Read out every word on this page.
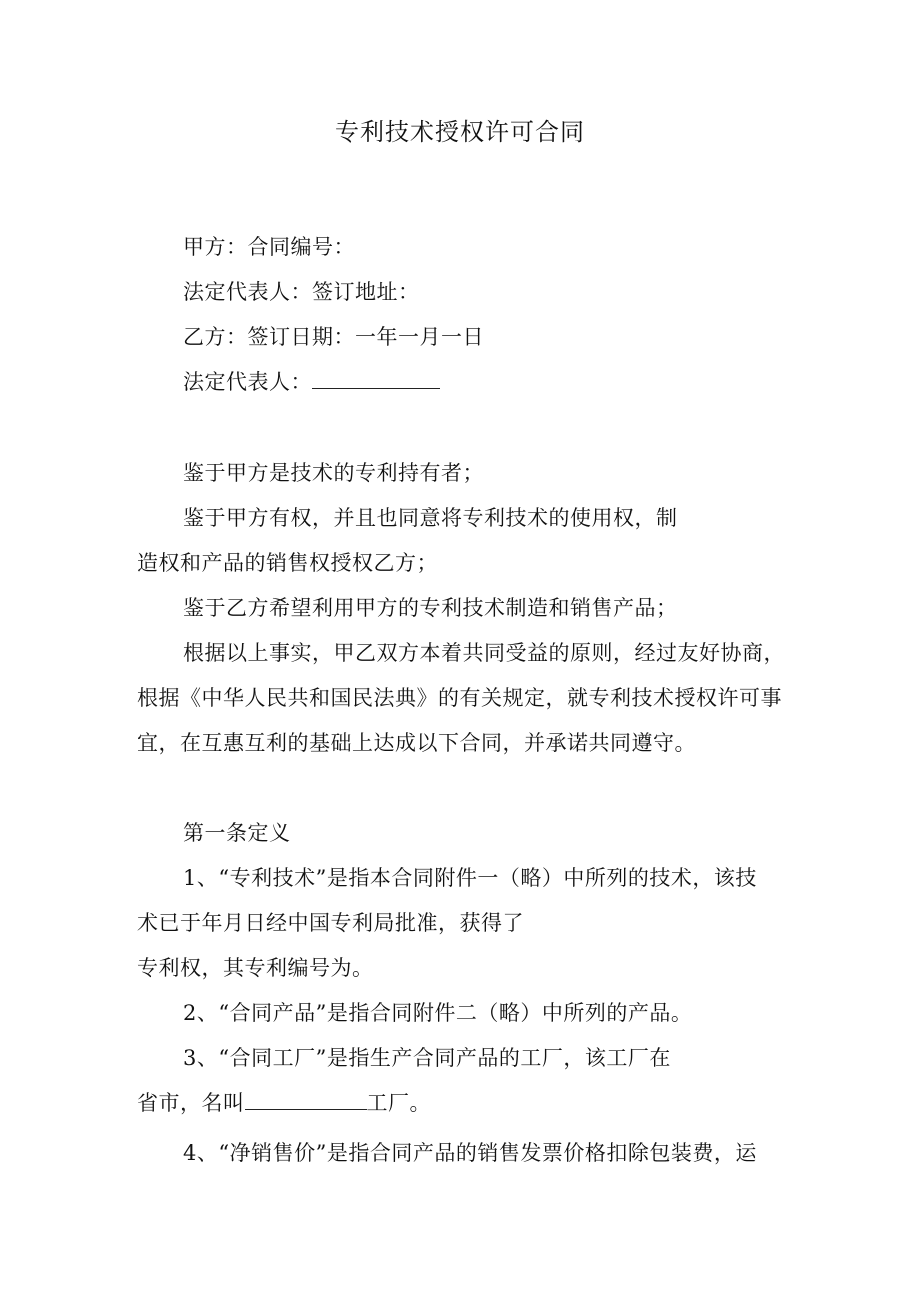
专利技术授权许可合同
甲方：合同编号：
法定代表人：签订地址：
乙方：签订日期：一年一月一日
法定代表人：
鉴于甲方是技术的专利持有者；
鉴于甲方有权，并且也同意将专利技术的使用权，制
造权和产品的销售权授权乙方；
鉴于乙方希望利用甲方的专利技术制造和销售产品；
根据以上事实，甲乙双方本着共同受益的原则，经过友好协商，
根据《中华人民共和国民法典》的有关规定，就专利技术授权许可事
宜，在互惠互利的基础上达成以下合同，并承诺共同遵守。
第一条定义
1、“专利技术”是指本合同附件一（略）中所列的技术，该技
术已于年月日经中国专利局批准，获得了
专利权，其专利编号为。
2、“合同产品”是指合同附件二（略）中所列的产品。
3、“合同工厂”是指生产合同产品的工厂，该工厂在
省市，名叫	工厂。
4、“净销售价”是指合同产品的销售发票价格扣除包装费，运
